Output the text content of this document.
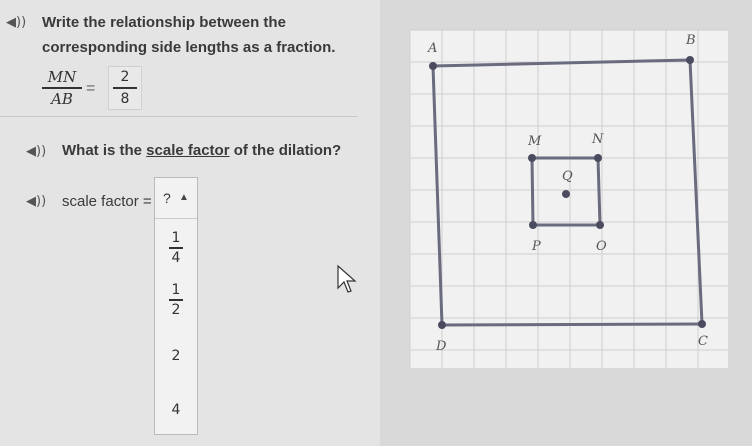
◀)) Write the relationship between the
corresponding side lengths as a fraction.
MN
AB
=
2
8
◀)) What is the scale factor of the dilation?
◀)) scale factor = ? ▲
1
4
1
2
2
4
A
B
C
D
M	N
O
P
Q
